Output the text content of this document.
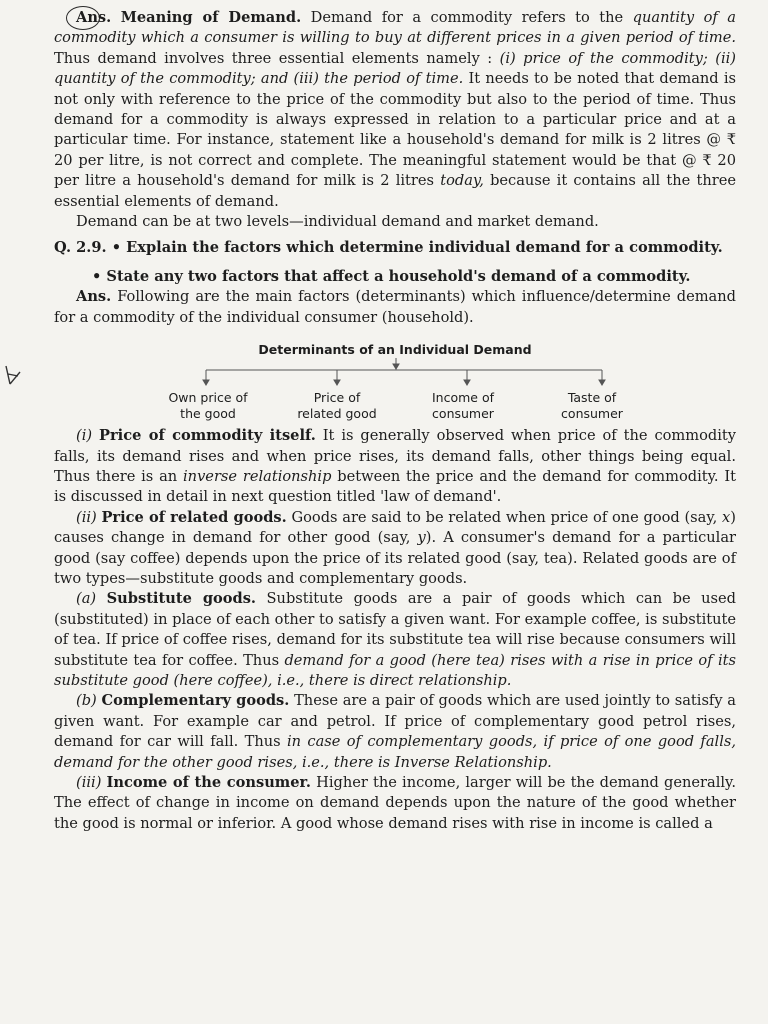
Ans. Meaning of Demand. Demand for a commodity refers to the quantity of a commodity which a consumer is willing to buy at different prices in a given period of time. Thus demand involves three essential elements namely : (i) price of the commodity; (ii) quantity of the commodity; and (iii) the period of time. It needs to be noted that demand is not only with reference to the price of the commodity but also to the period of time. Thus demand for a commodity is always expressed in relation to a particular price and at a particular time. For instance, statement like a household's demand for milk is 2 litres @ ₹ 20 per litre, is not correct and complete. The meaningful statement would be that @ ₹ 20 per litre a household's demand for milk is 2 litres today, because it contains all the three essential elements of demand.

Demand can be at two levels—individual demand and market demand.

Q. 2.9. • Explain the factors which determine individual demand for a commodity.

• State any two factors that affect a household's demand of a commodity.

Ans. Following are the main factors (determinants) which influence/determine demand for a commodity of the individual consumer (household).

Determinants of an Individual Demand
Own price of
the good
Price of
related good
Income of
consumer
Taste of
consumer

(i) Price of commodity itself. It is generally observed when price of the commodity falls, its demand rises and when price rises, its demand falls, other things being equal. Thus there is an inverse relationship between the price and the demand for commodity. It is discussed in detail in next question titled 'law of demand'.

(ii) Price of related goods. Goods are said to be related when price of one good (say, x) causes change in demand for other good (say, y). A consumer's demand for a particular good (say coffee) depends upon the price of its related good (say, tea). Related goods are of two types—substitute goods and complementary goods.

(a) Substitute goods. Substitute goods are a pair of goods which can be used (substituted) in place of each other to satisfy a given want. For example coffee, is substitute of tea. If price of coffee rises, demand for its substitute tea will rise because consumers will substitute tea for coffee. Thus demand for a good (here tea) rises with a rise in price of its substitute good (here coffee), i.e., there is direct relationship.

(b) Complementary goods. These are a pair of goods which are used jointly to satisfy a given want. For example car and petrol. If price of complementary good petrol rises, demand for car will fall. Thus in case of complementary goods, if price of one good falls, demand for the other good rises, i.e., there is Inverse Relationship.

(iii) Income of the consumer. Higher the income, larger will be the demand generally. The effect of change in income on demand depends upon the nature of the good whether the good is normal or inferior. A good whose demand rises with rise in income is called a
